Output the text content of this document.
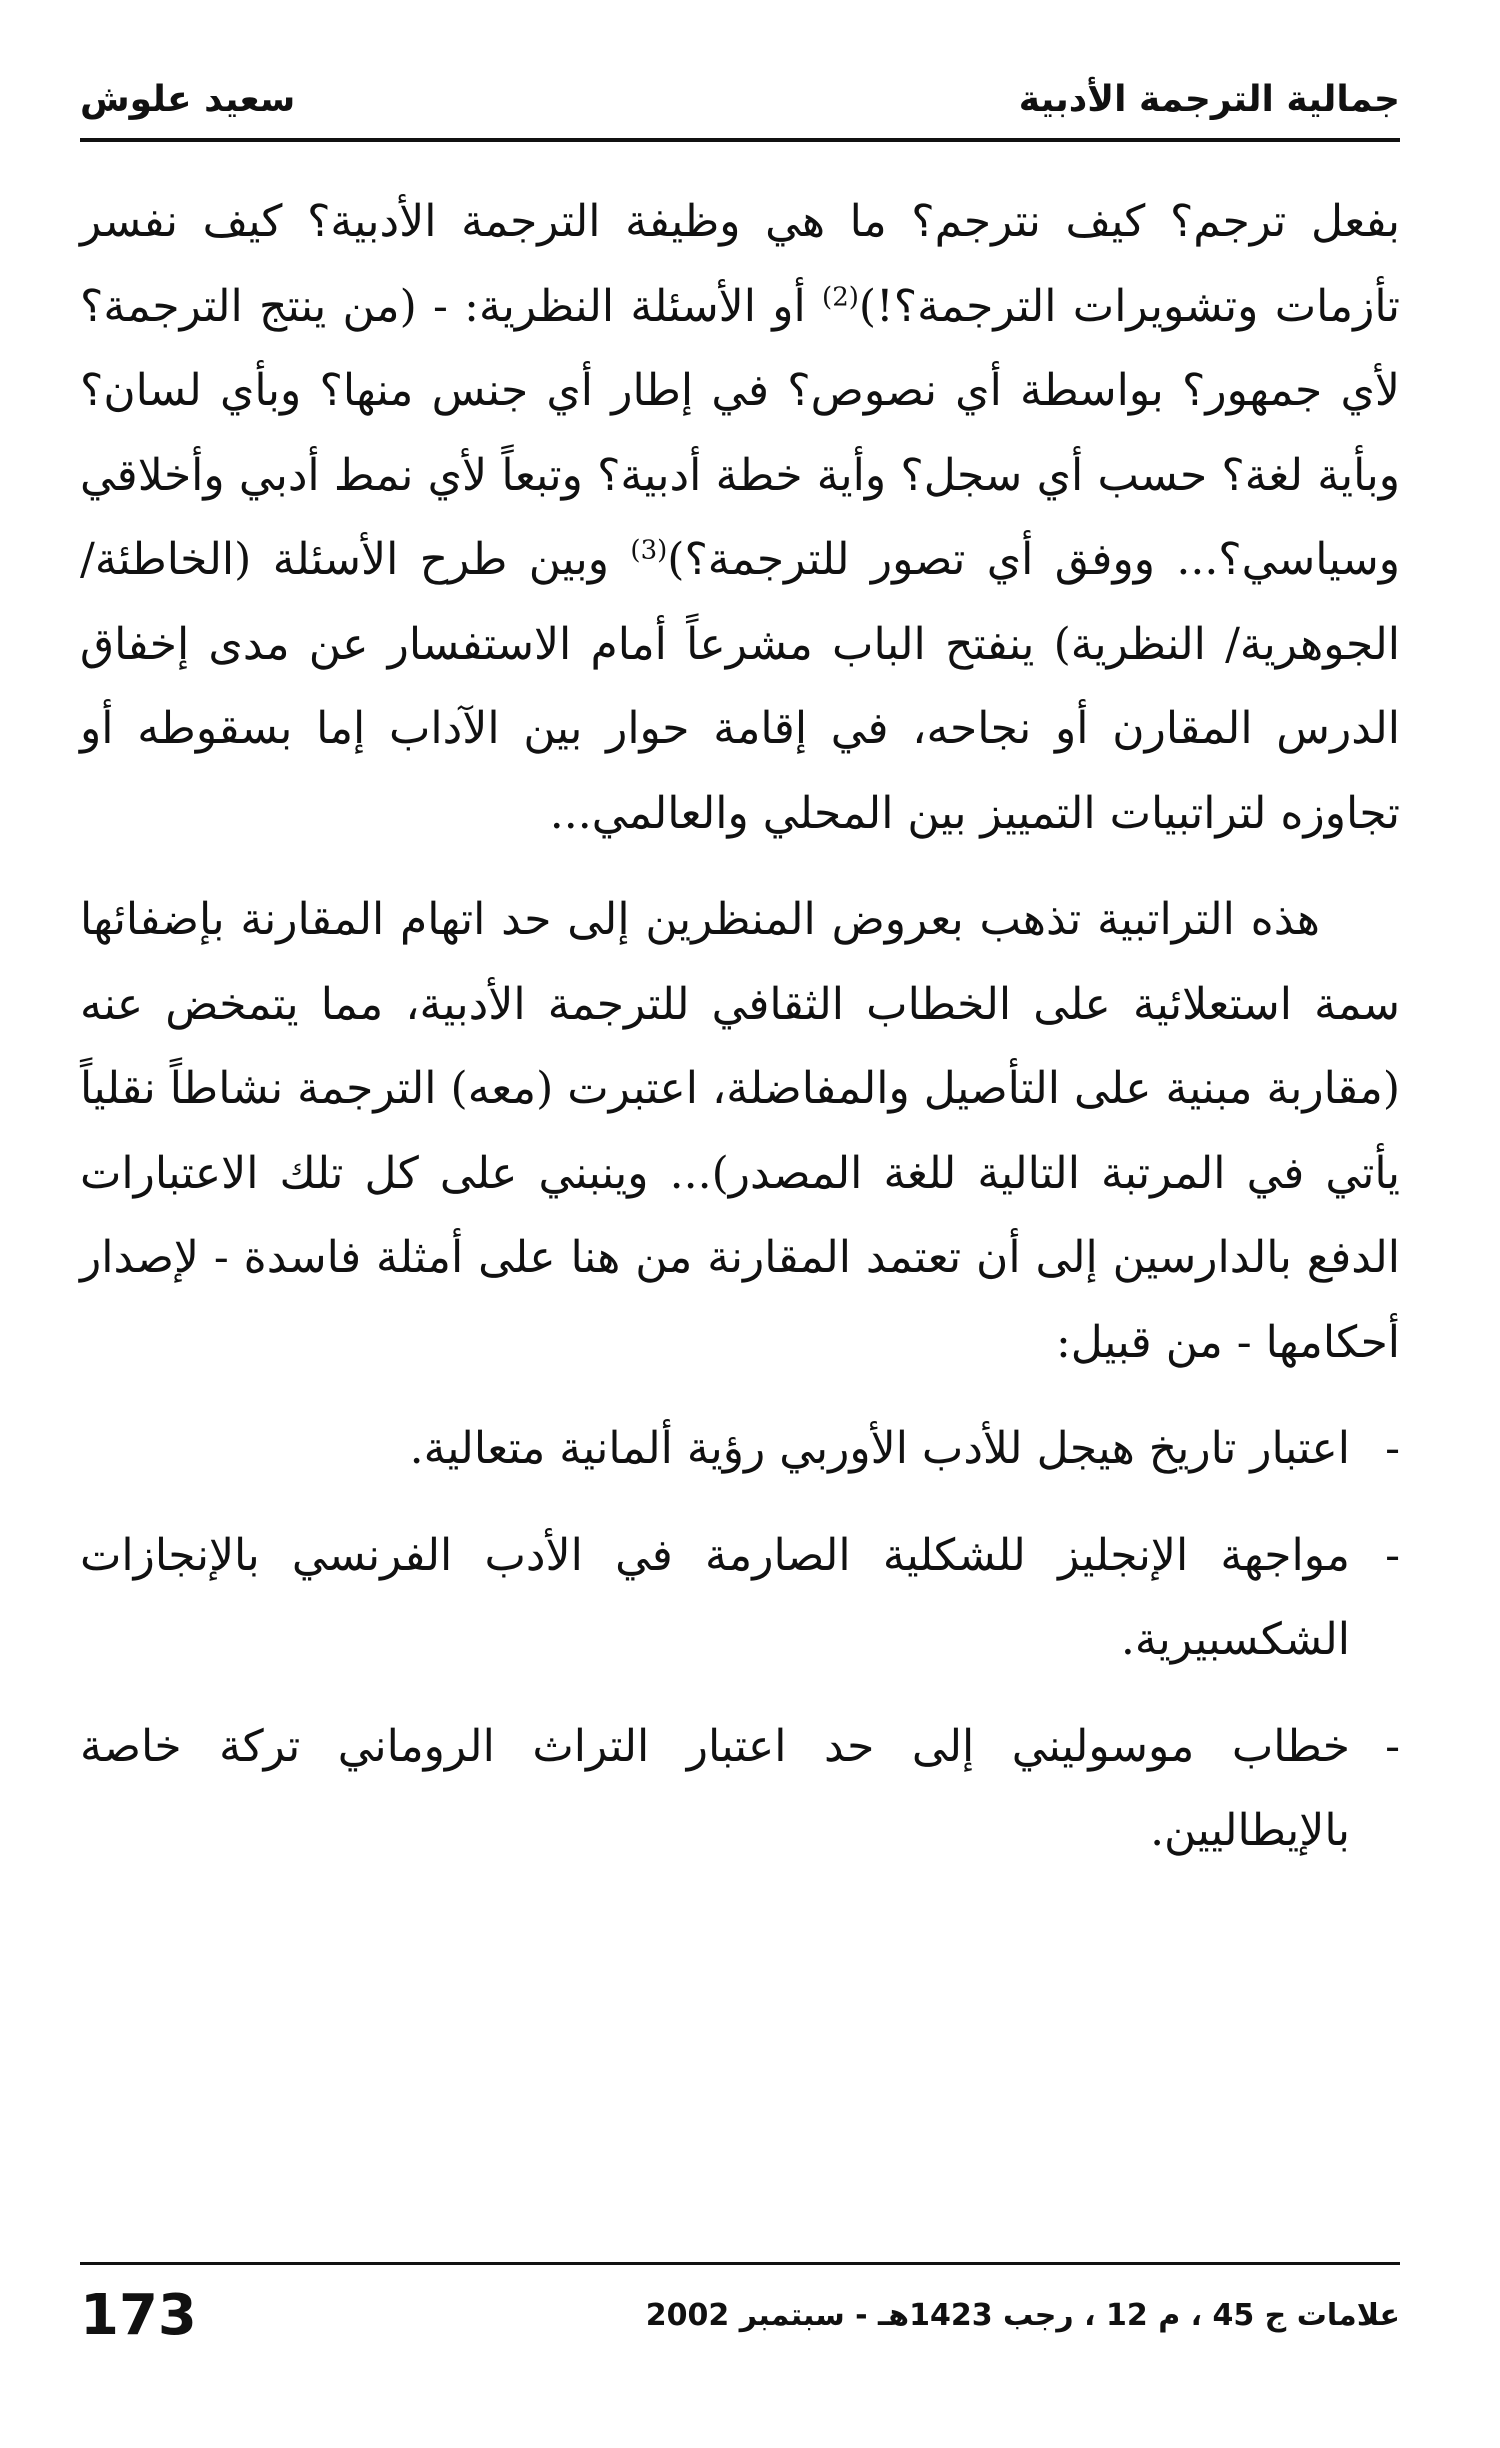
جمالية الترجمة الأدبية
سعيد علوش

بفعل ترجم؟ كيف نترجم؟ ما هي وظيفة الترجمة الأدبية؟ كيف نفسر تأزمات وتشويرات الترجمة؟!)$^{(2)}$ أو الأسئلة النظرية: - (من ينتج الترجمة؟ لأي جمهور؟ بواسطة أي نصوص؟ في إطار أي جنس منها؟ وبأي لسان؟ وبأية لغة؟ حسب أي سجل؟ وأية خطة أدبية؟ وتبعاً لأي نمط أدبي وأخلاقي وسياسي؟... ووفق أي تصور للترجمة؟)$^{(3)}$ وبين طرح الأسئلة (الخاطئة/ الجوهرية/ النظرية) ينفتح الباب مشرعاً أمام الاستفسار عن مدى إخفاق الدرس المقارن أو نجاحه، في إقامة حوار بين الآداب إما بسقوطه أو تجاوزه لتراتبيات التمييز بين المحلي والعالمي...

هذه التراتبية تذهب بعروض المنظرين إلى حد اتهام المقارنة بإضفائها سمة استعلائية على الخطاب الثقافي للترجمة الأدبية، مما يتمخض عنه (مقاربة مبنية على التأصيل والمفاضلة، اعتبرت (معه) الترجمة نشاطاً نقلياً يأتي في المرتبة التالية للغة المصدر)... وينبني على كل تلك الاعتبارات الدفع بالدارسين إلى أن تعتمد المقارنة من هنا على أمثلة فاسدة - لإصدار أحكامها - من قبيل:

-
اعتبار تاريخ هيجل للأدب الأوربي رؤية ألمانية متعالية.
-
مواجهة الإنجليز للشكلية الصارمة في الأدب الفرنسي بالإنجازات الشكسبيرية.
-
خطاب موسوليني إلى حد اعتبار التراث الروماني تركة خاصة بالإيطاليين.
علامات ج 45 ، م 12 ، رجب 1423هـ - سبتمبر 2002
173
